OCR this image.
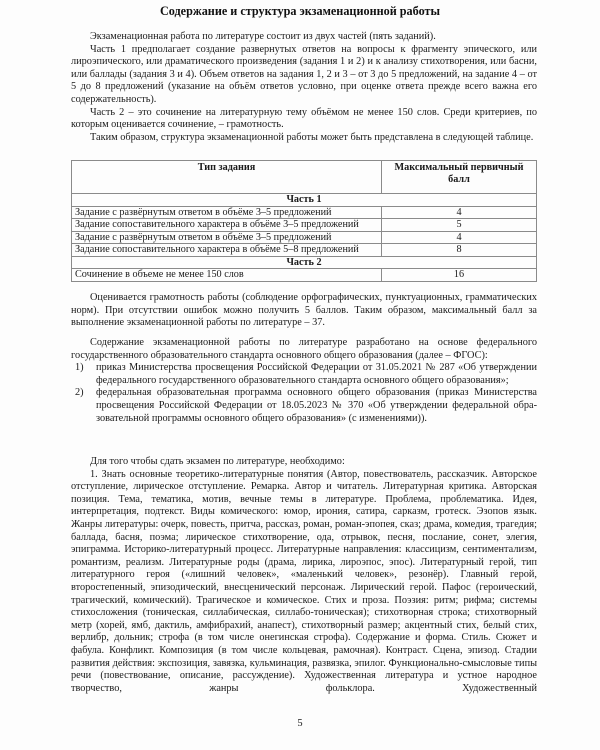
Содержание и структура экзаменационной работы

Экзаменационная работа по литературе состоит из двух частей (пять заданий).

Часть 1 предполагает создание развернутых ответов на вопросы к фрагменту эпического, или лироэпического, или драматического произведения (задания 1 и 2) и к анализу стихотворения, или басни, или баллады (задания 3 и 4). Объем ответов на задания 1, 2 и 3 – от 3 до 5 предложений, на задание 4 – от 5 до 8 предложений (указание на объём ответов условно, при оценке ответа прежде всего важна его содержательность).

Часть 2 – это сочинение на литературную тему объёмом не менее 150 слов. Среди критериев, по которым оценивается сочинение, – грамотность.

Таким образом, структура экзаменационной работы может быть представлена в следующей таблице.

Тип задания	Максимальный первичный балл
Часть 1	
Задание с развёрнутым ответом в объёме 3–5 предложений	4
Задание сопоставительного характера в объёме 3–5 предложений	5
Задание с развёрнутым ответом в объёме 3–5 предложений	4
Задание сопоставительного характера в объёме 5–8 предложений	8
Часть 2	
Сочинение в объеме не менее 150 слов	16

Оценивается грамотность работы (соблюдение орфографических, пунктуационных, грамматических норм). При отсутствии ошибок можно получить 5 баллов. Таким образом, максимальный балл за выполнение экзаменационной работы по литературе – 37.

Содержание экзаменационной работы по литературе разработано на основе федерального государственного образовательного стандарта основного общего образования (далее – ФГОС):

1) приказ Министерства просвещения Российской Федерации от 31.05.2021 № 287 «Об утверждении федерального государственного образовательного стандарта основного общего образования»;
2) федеральная образовательная программа основного общего образования (приказ Министерства просвещения Российской Федерации от 18.05.2023 № 370 «Об утверждении федеральной образовательной программы основного общего образования» (с изменениями)).

Для того чтобы сдать экзамен по литературе, необходимо:

1. Знать основные теоретико-литературные понятия (Автор, повествователь, рассказчик. Авторское отступление, лирическое отступление. Ремарка. Автор и читатель. Литературная критика. Авторская позиция. Тема, тематика, мотив, вечные темы в литературе. Проблема, проблематика. Идея, интерпретация, подтекст. Виды комического: юмор, ирония, сатира, сарказм, гротеск. Эзопов язык. Жанры литературы: очерк, повесть, притча, рассказ, роман, роман-эпопея, сказ; драма, комедия, трагедия; баллада, басня, поэма; лирическое стихотворение, ода, отрывок, песня, послание, сонет, элегия, эпиграмма. Историко-литературный процесс. Литературные направления: классицизм, сентиментализм, романтизм, реализм. Литературные роды (драма, лирика, лироэпос, эпос). Литературный герой, тип литературного героя («лишний человек», «маленький человек», резонёр). Главный герой, второстепенный, эпизодический, внесценический персонаж. Лирический герой. Пафос (героический, трагический, комический). Трагическое и комическое. Стих и проза. Поэзия: ритм; рифма; системы стихосложения (тоническая, силлабическая, силлабо-тоническая); стихотворная строка; стихотворный метр (хорей, ямб, дактиль, амфибрахий, анапест), стихотворный размер; акцентный стих, белый стих, верлибр, дольник; строфа (в том числе онегинская строфа). Содержание и форма. Стиль. Сюжет и фабула. Конфликт. Композиция (в том числе кольцевая, рамочная). Контраст. Сцена, эпизод. Стадии развития действия: экспозиция, завязка, кульминация, развязка, эпилог. Функционально-смысловые типы речи (повествование, описание, рассуждение). Художественная литература и устное народное творчество, жанры фольклора. Художественный

5
